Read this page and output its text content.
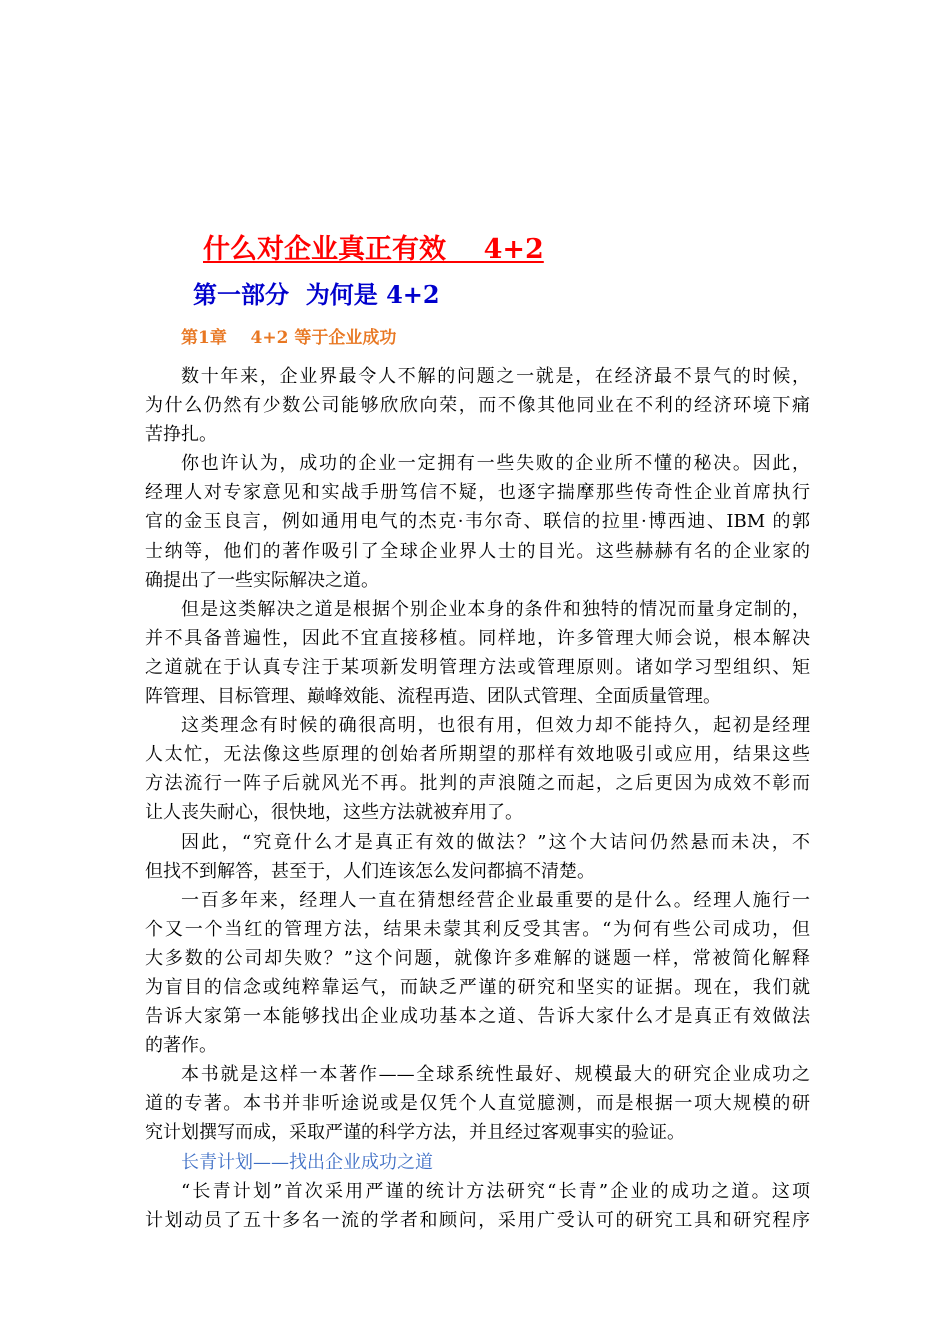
什么对企业真正有效    4+2
第一部分  为何是 4+2
第1章    4+2 等于企业成功
数十年来，企业界最令人不解的问题之一就是，在经济最不景气的时候，
为什么仍然有少数公司能够欣欣向荣，而不像其他同业在不利的经济环境下痛
苦挣扎。
你也许认为，成功的企业一定拥有一些失败的企业所不懂的秘决。因此，
经理人对专家意见和实战手册笃信不疑，也逐字揣摩那些传奇性企业首席执行
官的金玉良言，例如通用电气的杰克·韦尔奇、联信的拉里·博西迪、IBM 的郭
士纳等，他们的著作吸引了全球企业界人士的目光。这些赫赫有名的企业家的
确提出了一些实际解决之道。
但是这类解决之道是根据个别企业本身的条件和独特的情况而量身定制的，
并不具备普遍性，因此不宜直接移植。同样地，许多管理大师会说，根本解决
之道就在于认真专注于某项新发明管理方法或管理原则。诸如学习型组织、矩
阵管理、目标管理、巅峰效能、流程再造、团队式管理、全面质量管理。
这类理念有时候的确很高明，也很有用，但效力却不能持久，起初是经理
人太忙，无法像这些原理的创始者所期望的那样有效地吸引或应用，结果这些
方法流行一阵子后就风光不再。批判的声浪随之而起，之后更因为成效不彰而
让人丧失耐心，很快地，这些方法就被弃用了。
因此，“究竟什么才是真正有效的做法？”这个大诘问仍然悬而未决，不
但找不到解答，甚至于，人们连该怎么发问都搞不清楚。
一百多年来，经理人一直在猜想经营企业最重要的是什么。经理人施行一
个又一个当红的管理方法，结果未蒙其利反受其害。“为何有些公司成功，但
大多数的公司却失败？”这个问题，就像许多难解的谜题一样，常被简化解释
为盲目的信念或纯粹靠运气，而缺乏严谨的研究和坚实的证据。现在，我们就
告诉大家第一本能够找出企业成功基本之道、告诉大家什么才是真正有效做法
的著作。
本书就是这样一本著作——全球系统性最好、规模最大的研究企业成功之
道的专著。本书并非听途说或是仅凭个人直觉臆测，而是根据一项大规模的研
究计划撰写而成，采取严谨的科学方法，并且经过客观事实的验证。
长青计划——找出企业成功之道
“长青计划”首次采用严谨的统计方法研究“长青”企业的成功之道。这项
计划动员了五十多名一流的学者和顾问，采用广受认可的研究工具和研究程序
